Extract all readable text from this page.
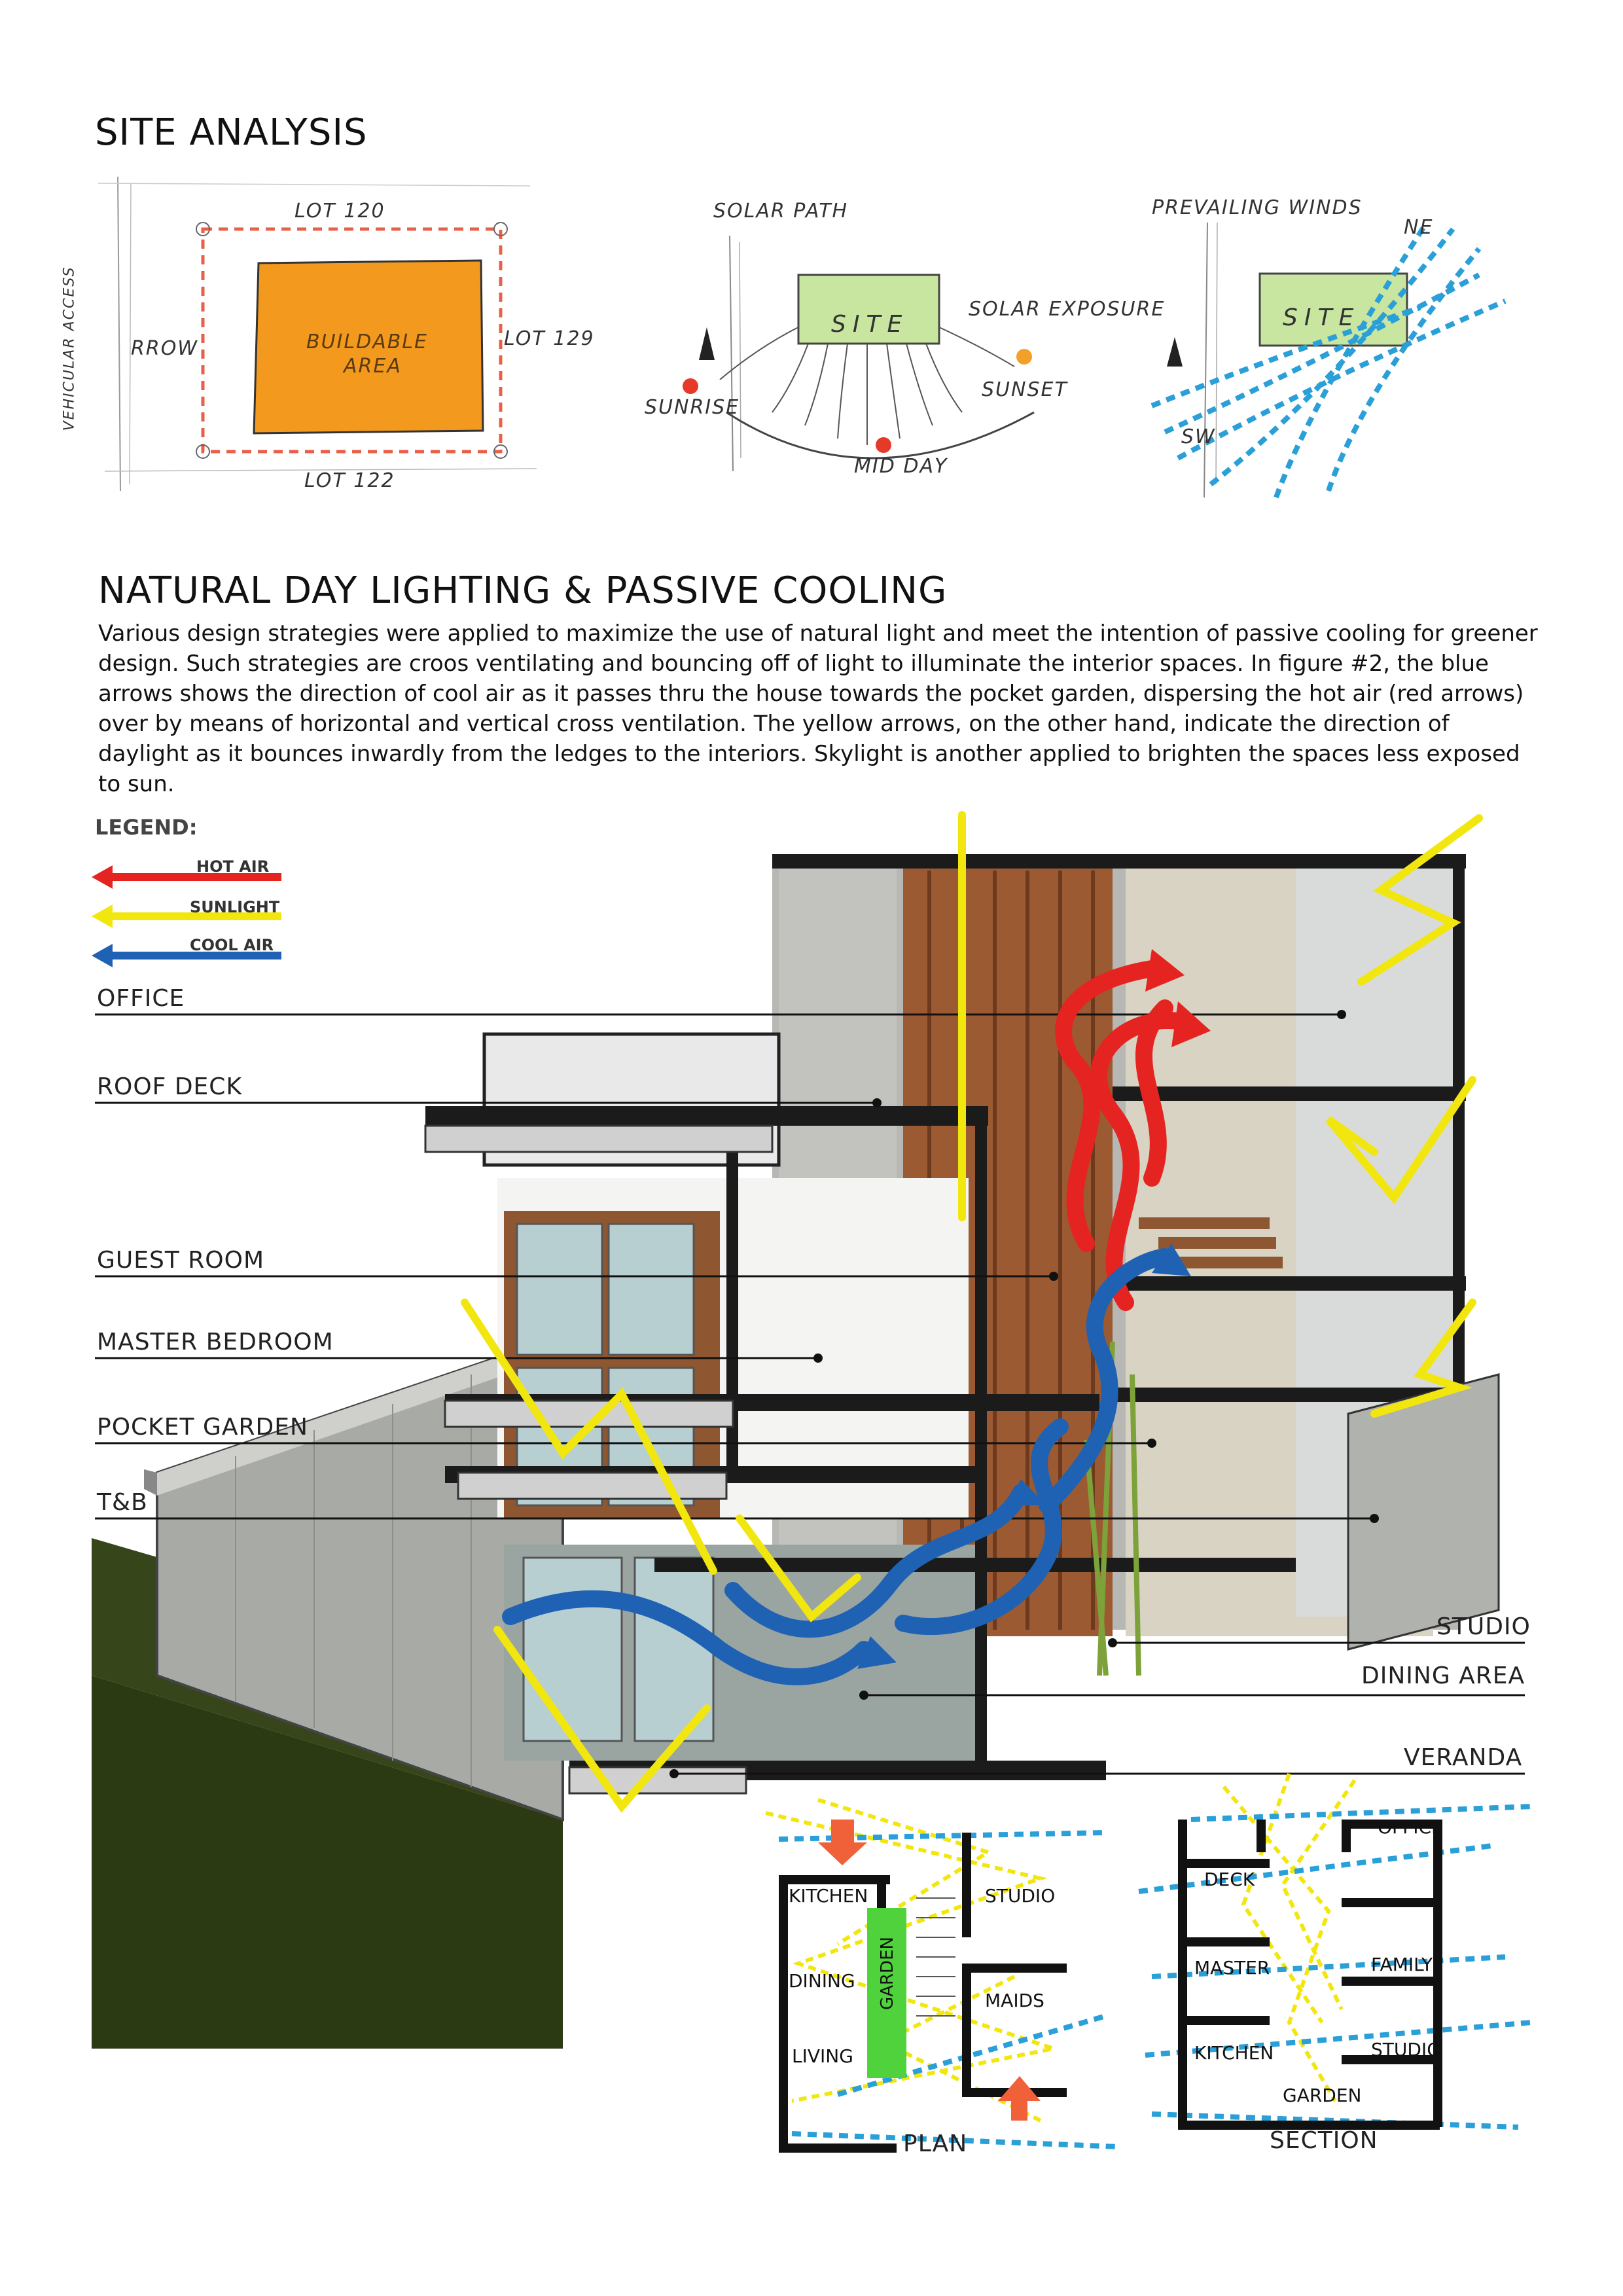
SITE ANALYSIS
LOT 120
LOT 129
LOT 122
RROW
VEHICULAR ACCESS	BUILDABLE
AREA
SOLAR PATH
SITE
SOLAR EXPOSURE
SUNRISE
SUNSET
MID DAY
PREVAILING WINDS
NE
SW
SITE
NATURAL DAY LIGHTING & PASSIVE COOLING
Various design strategies were applied to maximize the use of natural light and meet the intention of passive cooling for greener design. Such strategies are croos ventilating and bouncing off of light to illuminate the interior spaces. In figure #2, the blue arrows shows the direction of cool air as it passes thru the house towards the pocket garden, dispersing the hot air (red arrows) over by means of horizontal and vertical cross ventilation. The yellow arrows, on the other hand, indicate the direction of daylight as it bounces inwardly from the ledges to the interiors. Skylight is another applied to brighten the spaces less exposed to sun.
LEGEND:
HOT AIR
SUNLIGHT
COOL AIR
OFFICE
ROOF DECK
GUEST ROOM
MASTER BEDROOM
POCKET GARDEN
T&B
STUDIO
DINING AREA
VERANDA
KITCHEN	STUDIO
DINING GARDEN	MAIDS
LIVING
PLAN
OFFICE
DECK
MASTER	FAMILY
KITCHEN	STUDIO
GARDEN
SECTION
